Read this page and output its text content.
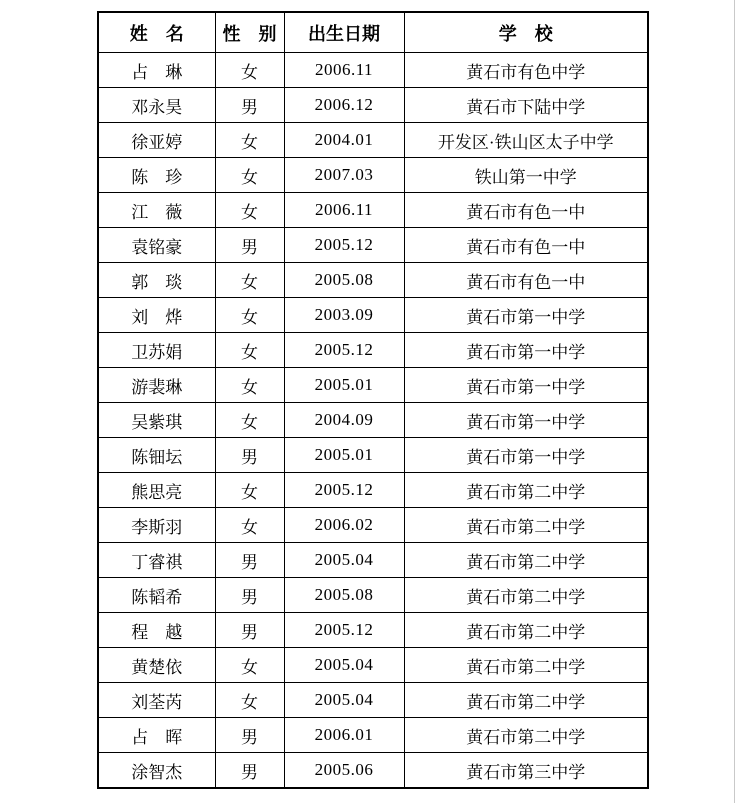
姓　名	性　别	出生日期	学　校
占　琳	女	2006.11	黄石市有色中学
邓永昊	男	2006.12	黄石市下陆中学
徐亚婷	女	2004.01	开发区·铁山区太子中学
陈　珍	女	2007.03	铁山第一中学
江　薇	女	2006.11	黄石市有色一中
袁铭豪	男	2005.12	黄石市有色一中
郭　琰	女	2005.08	黄石市有色一中
刘　烨	女	2003.09	黄石市第一中学
卫苏娟	女	2005.12	黄石市第一中学
游裴琳	女	2005.01	黄石市第一中学
吴紫琪	女	2004.09	黄石市第一中学
陈钿坛	男	2005.01	黄石市第一中学
熊思亮	女	2005.12	黄石市第二中学
李斯羽	女	2006.02	黄石市第二中学
丁睿祺	男	2005.04	黄石市第二中学
陈韬希	男	2005.08	黄石市第二中学
程　越	男	2005.12	黄石市第二中学
黄楚依	女	2005.04	黄石市第二中学
刘荃芮	女	2005.04	黄石市第二中学
占　晖	男	2006.01	黄石市第二中学
涂智杰	男	2005.06	黄石市第三中学
